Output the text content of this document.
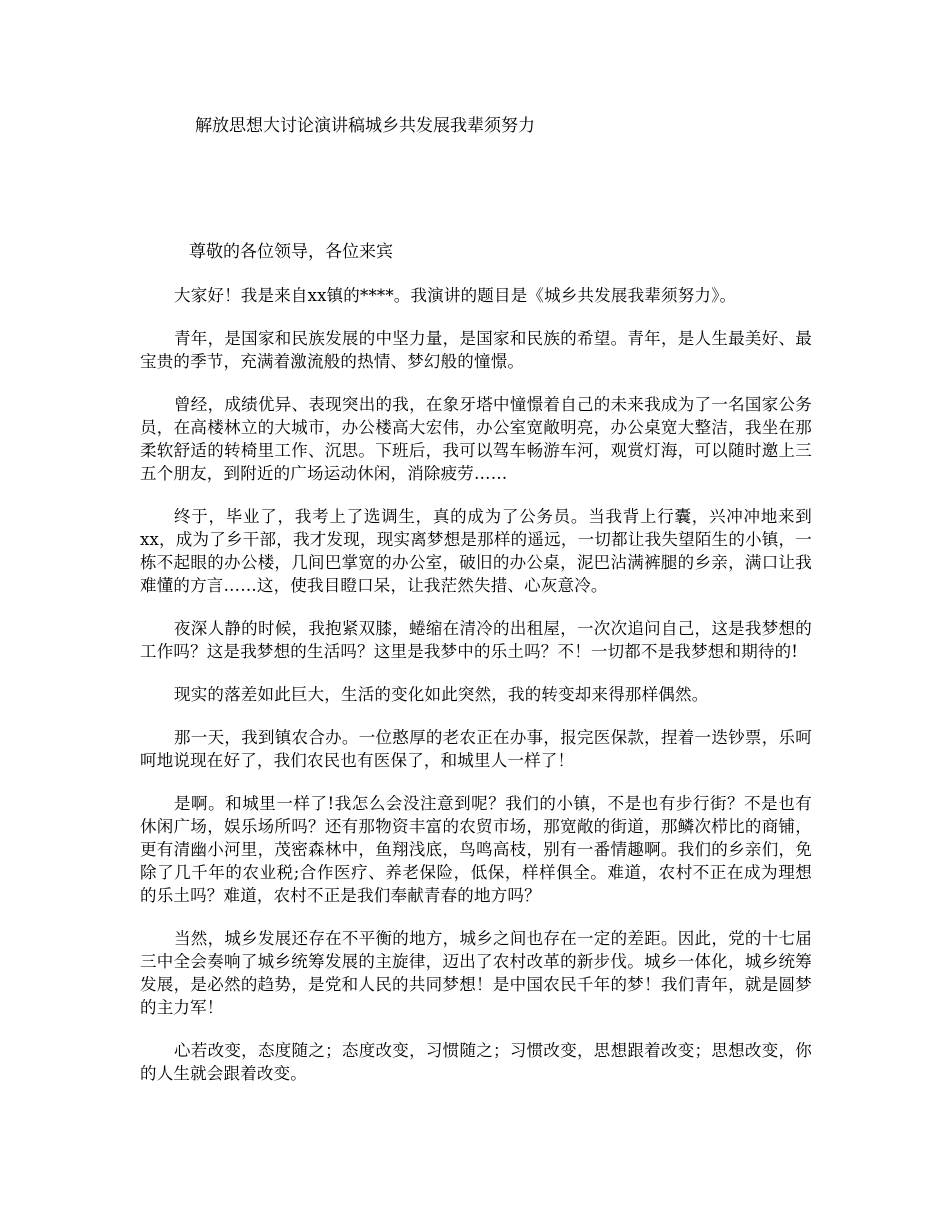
解放思想大讨论演讲稿城乡共发展我辈须努力
尊敬的各位领导，各位来宾

大家好！我是来自xx镇的****。我演讲的题目是《城乡共发展我辈须努力》。

青年，是国家和民族发展的中坚力量，是国家和民族的希望。青年，是人生最美好、最宝贵的季节，充满着激流般的热情、梦幻般的憧憬。

曾经，成绩优异、表现突出的我，在象牙塔中憧憬着自己的未来我成为了一名国家公务员，在高楼林立的大城市，办公楼高大宏伟，办公室宽敞明亮，办公桌宽大整洁，我坐在那柔软舒适的转椅里工作、沉思。下班后，我可以驾车畅游车河，观赏灯海，可以随时邀上三五个朋友，到附近的广场运动休闲，消除疲劳……

终于，毕业了，我考上了选调生，真的成为了公务员。当我背上行囊，兴冲冲地来到xx，成为了乡干部，我才发现，现实离梦想是那样的遥远，一切都让我失望陌生的小镇，一栋不起眼的办公楼，几间巴掌宽的办公室，破旧的办公桌，泥巴沾满裤腿的乡亲，满口让我难懂的方言……这，使我目瞪口呆，让我茫然失措、心灰意冷。

夜深人静的时候，我抱紧双膝，蜷缩在清冷的出租屋，一次次追问自己，这是我梦想的工作吗？这是我梦想的生活吗？这里是我梦中的乐土吗？不！一切都不是我梦想和期待的!

现实的落差如此巨大，生活的变化如此突然，我的转变却来得那样偶然。

那一天，我到镇农合办。一位憨厚的老农正在办事，报完医保款，捏着一迭钞票，乐呵呵地说现在好了，我们农民也有医保了，和城里人一样了！

是啊。和城里一样了!我怎么会没注意到呢？我们的小镇，不是也有步行街？不是也有休闲广场，娱乐场所吗？还有那物资丰富的农贸市场，那宽敞的街道，那鳞次栉比的商铺，更有清幽小河里，茂密森林中，鱼翔浅底，鸟鸣高枝，别有一番情趣啊。我们的乡亲们，免除了几千年的农业税;合作医疗、养老保险，低保，样样俱全。难道，农村不正在成为理想的乐土吗？难道，农村不正是我们奉献青春的地方吗？

当然，城乡发展还存在不平衡的地方，城乡之间也存在一定的差距。因此，党的十七届三中全会奏响了城乡统筹发展的主旋律，迈出了农村改革的新步伐。城乡一体化，城乡统筹发展，是必然的趋势，是党和人民的共同梦想！是中国农民千年的梦！我们青年，就是圆梦的主力军！

心若改变，态度随之；态度改变，习惯随之；习惯改变，思想跟着改变；思想改变，你的人生就会跟着改变。
